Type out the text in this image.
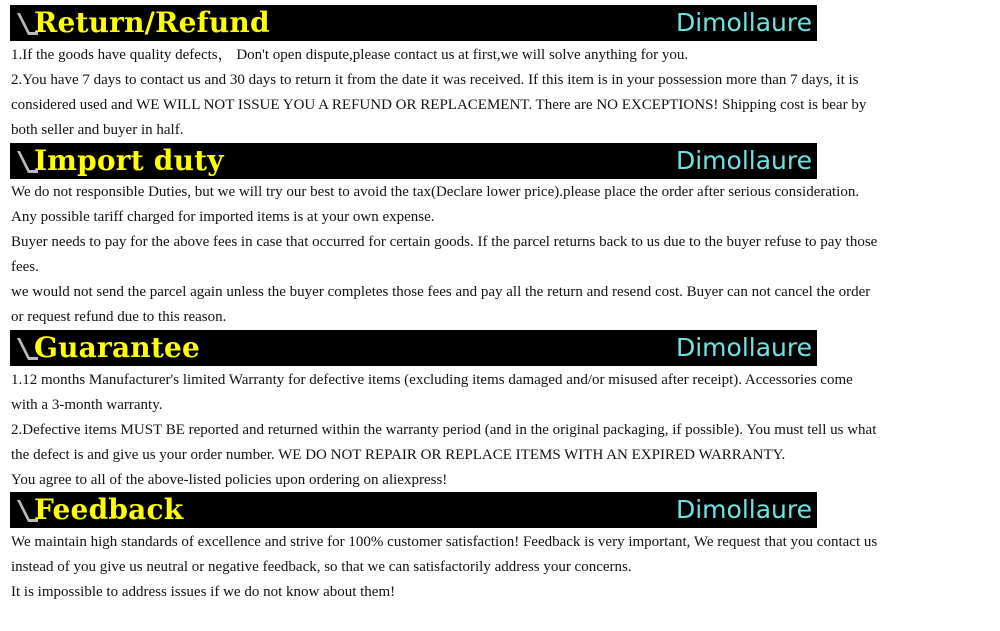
Return/Refund	Dimollaure

1.If the goods have quality defects， Don't open dispute,please contact us at first,we will solve anything for you.

2.You have 7 days to contact us and 30 days to return it from the date it was received. If this item is in your possession more than 7 days, it is

considered used and WE WILL NOT ISSUE YOU A REFUND OR REPLACEMENT. There are NO EXCEPTIONS! Shipping cost is bear by

both seller and buyer in half.

Import duty	Dimollaure

We do not responsible Duties, but we will try our best to avoid the tax(Declare lower price).please place the order after serious consideration.

Any possible tariff charged for imported items is at your own expense.

Buyer needs to pay for the above fees in case that occurred for certain goods. If the parcel returns back to us due to the buyer refuse to pay those

fees.

we would not send the parcel again unless the buyer completes those fees and pay all the return and resend cost. Buyer can not cancel the order

or request refund due to this reason.

Guarantee	Dimollaure

1.12 months Manufacturer's limited Warranty for defective items (excluding items damaged and/or misused after receipt). Accessories come

with a 3-month warranty.

2.Defective items MUST BE reported and returned within the warranty period (and in the original packaging, if possible). You must tell us what

the defect is and give us your order number. WE DO NOT REPAIR OR REPLACE ITEMS WITH AN EXPIRED WARRANTY.

You agree to all of the above-listed policies upon ordering on aliexpress!

Feedback	Dimollaure

We maintain high standards of excellence and strive for 100% customer satisfaction! Feedback is very important, We request that you contact us

instead of you give us neutral or negative feedback, so that we can satisfactorily address your concerns.

It is impossible to address issues if we do not know about them!
